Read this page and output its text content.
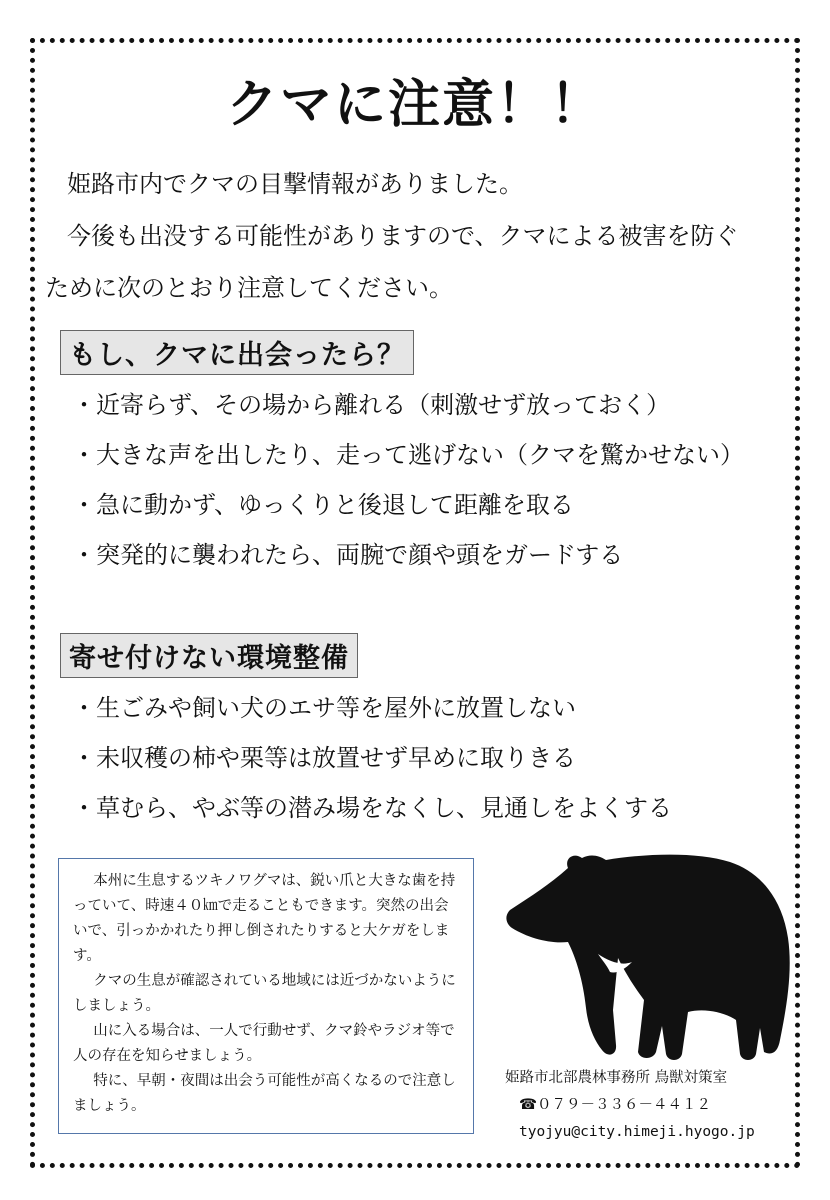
クマに注意！！

姫路市内でクマの目撃情報がありました。

今後も出没する可能性がありますので、クマによる被害を防ぐ

ために次のとおり注意してください。

もし、クマに出会ったら？
・近寄らず、その場から離れる（刺激せず放っておく）
・大きな声を出したり、走って逃げない（クマを驚かせない）
・急に動かず、ゆっくりと後退して距離を取る
・突発的に襲われたら、両腕で顔や頭をガードする
寄せ付けない環境整備
・生ごみや飼い犬のエサ等を屋外に放置しない
・未収穫の柿や栗等は放置せず早めに取りきる
・草むら、やぶ等の潜み場をなくし、見通しをよくする

本州に生息するツキノワグマは、鋭い爪と大きな歯を持っていて、時速４０㎞で走ることもできます。突然の出会いで、引っかかれたり押し倒されたりすると大ケガをします。

クマの生息が確認されている地域には近づかないようにしましょう。

山に入る場合は、一人で行動せず、クマ鈴やラジオ等で人の存在を知らせましょう。

特に、早朝・夜間は出会う可能性が高くなるので注意しましょう。

姫路市北部農林事務所 鳥獣対策室
☎０７９－３３６－４４１２
tyojyu@city.himeji.hyogo.jp
